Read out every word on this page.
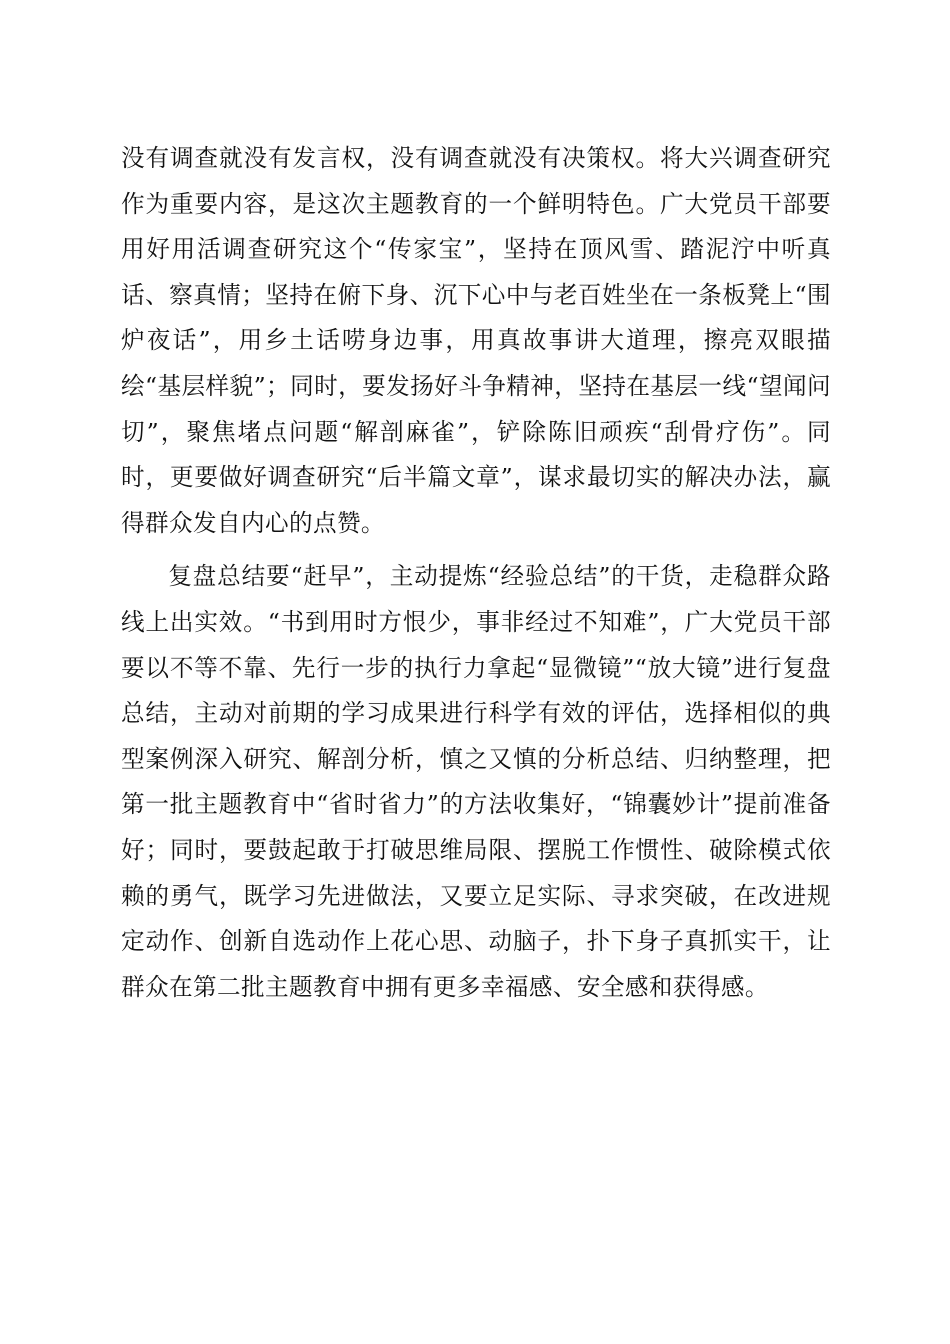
没有调查就没有发言权，没有调查就没有决策权。将大兴调查研究作为重要内容，是这次主题教育的一个鲜明特色。广大党员干部要用好用活调查研究这个“传家宝”，坚持在顶风雪、踏泥泞中听真话、察真情；坚持在俯下身、沉下心中与老百姓坐在一条板凳上“围炉夜话”，用乡土话唠身边事，用真故事讲大道理，擦亮双眼描绘“基层样貌”；同时，要发扬好斗争精神，坚持在基层一线“望闻问切”，聚焦堵点问题“解剖麻雀”，铲除陈旧顽疾“刮骨疗伤”。同时，更要做好调查研究“后半篇文章”，谋求最切实的解决办法，赢得群众发自内心的点赞。

复盘总结要“赶早”，主动提炼“经验总结”的干货，走稳群众路线上出实效。“书到用时方恨少，事非经过不知难”，广大党员干部要以不等不靠、先行一步的执行力拿起“显微镜”“放大镜”进行复盘总结，主动对前期的学习成果进行科学有效的评估，选择相似的典型案例深入研究、解剖分析，慎之又慎的分析总结、归纳整理，把第一批主题教育中“省时省力”的方法收集好，“锦囊妙计”提前准备好；同时，要鼓起敢于打破思维局限、摆脱工作惯性、破除模式依赖的勇气，既学习先进做法，又要立足实际、寻求突破，在改进规定动作、创新自选动作上花心思、动脑子，扑下身子真抓实干，让群众在第二批主题教育中拥有更多幸福感、安全感和获得感。
